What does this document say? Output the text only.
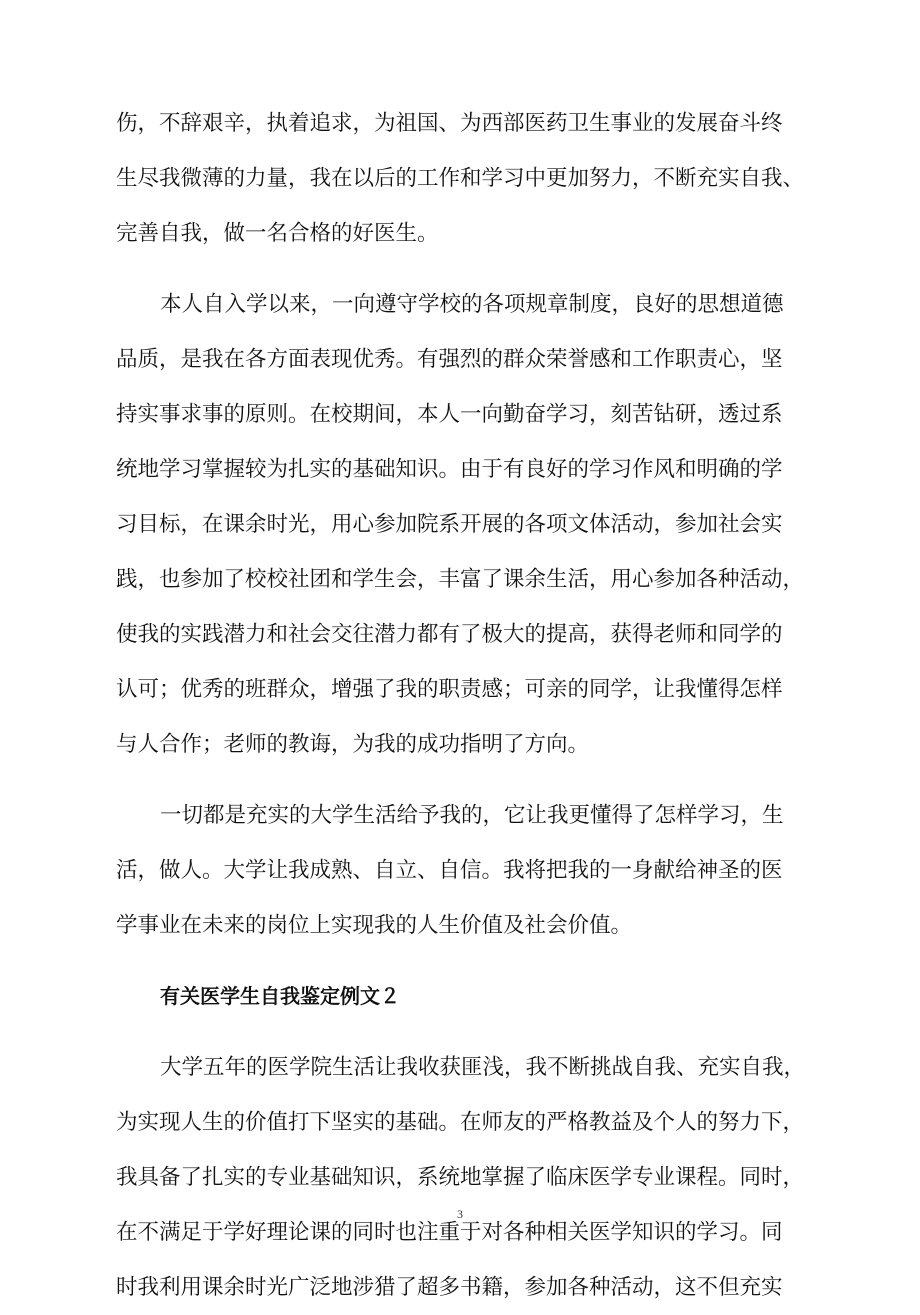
伤，不辞艰辛，执着追求，为祖国、为西部医药卫生事业的发展奋斗终
生尽我微薄的力量，我在以后的工作和学习中更加努力，不断充实自我、
完善自我，做一名合格的好医生。
本人自入学以来，一向遵守学校的各项规章制度，良好的思想道德
品质，是我在各方面表现优秀。有强烈的群众荣誉感和工作职责心，坚
持实事求事的原则。在校期间，本人一向勤奋学习，刻苦钻研，透过系
统地学习掌握较为扎实的基础知识。由于有良好的学习作风和明确的学
习目标，在课余时光，用心参加院系开展的各项文体活动，参加社会实
践，也参加了校校社团和学生会，丰富了课余生活，用心参加各种活动，
使我的实践潜力和社会交往潜力都有了极大的提高，获得老师和同学的
认可；优秀的班群众，增强了我的职责感；可亲的同学，让我懂得怎样
与人合作；老师的教诲，为我的成功指明了方向。
一切都是充实的大学生活给予我的，它让我更懂得了怎样学习，生
活，做人。大学让我成熟、自立、自信。我将把我的一身献给神圣的医
学事业在未来的岗位上实现我的人生价值及社会价值。
有关医学生自我鉴定例文２
大学五年的医学院生活让我收获匪浅，我不断挑战自我、充实自我，
为实现人生的价值打下坚实的基础。在师友的严格教益及个人的努力下，
我具备了扎实的专业基础知识，系统地掌握了临床医学专业课程。同时，
在不满足于学好理论课的同时也注重于对各种相关医学知识的学习。同
时我利用课余时光广泛地涉猎了超多书籍，参加各种活动，这不但充实
3
